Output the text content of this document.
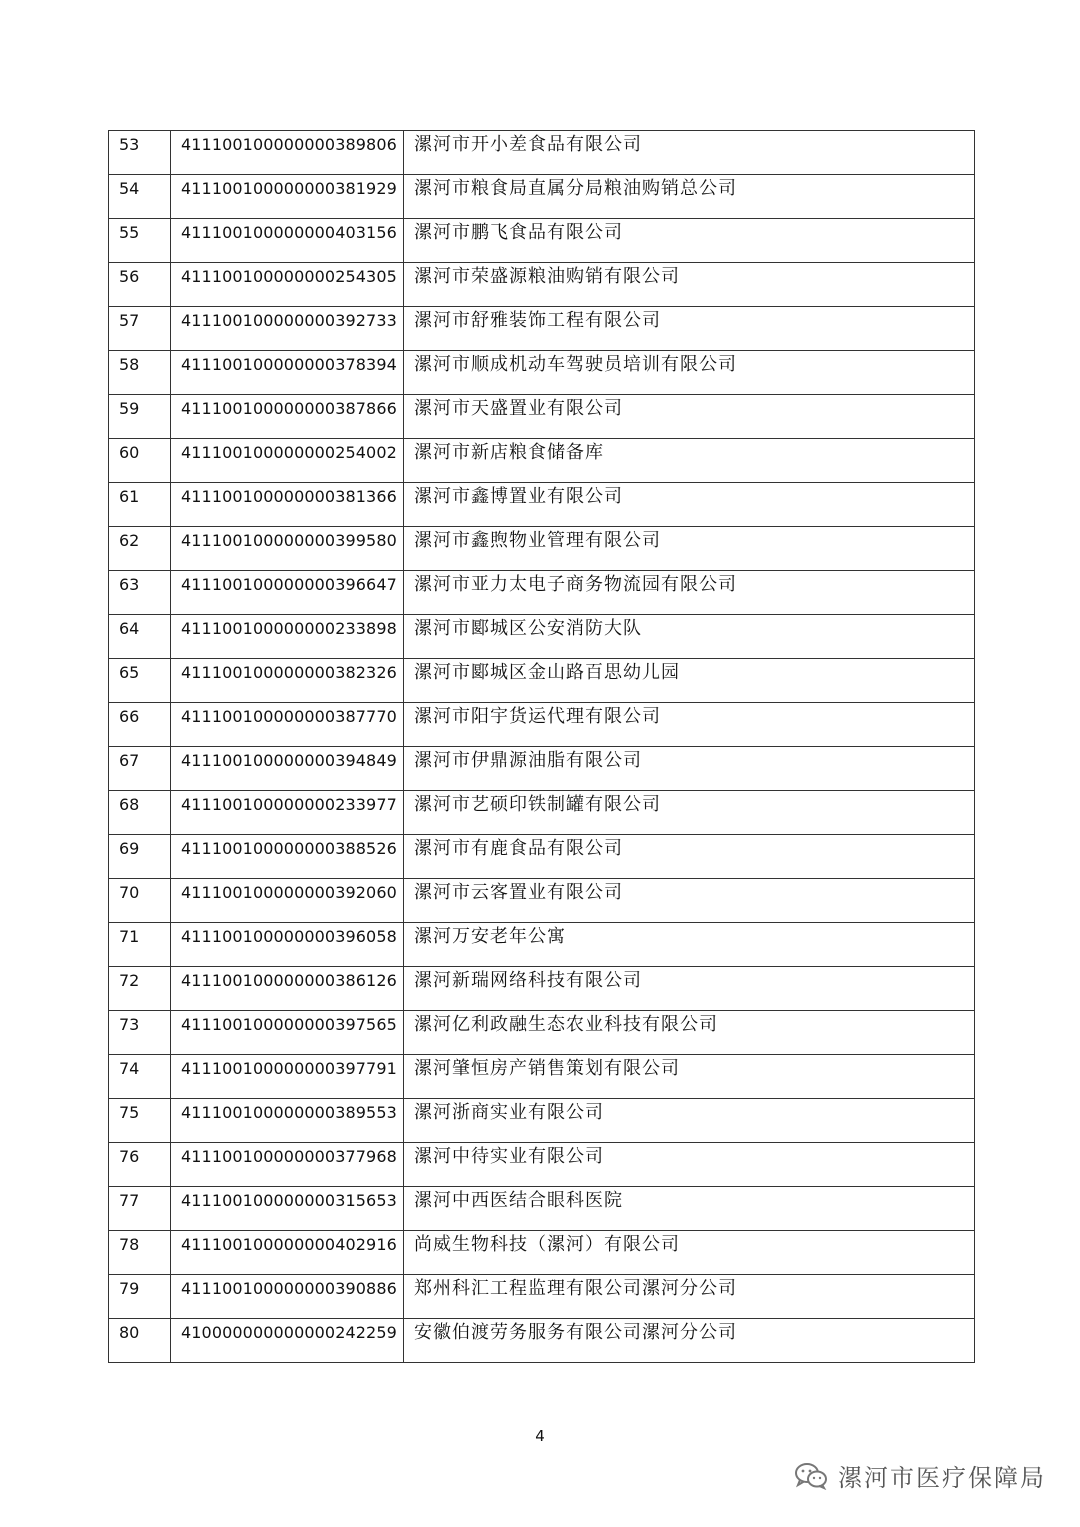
53	411100100000000389806	漯河市开小差食品有限公司

54	411100100000000381929	漯河市粮食局直属分局粮油购销总公司

55	411100100000000403156	漯河市鹏飞食品有限公司

56	411100100000000254305	漯河市荣盛源粮油购销有限公司

57	411100100000000392733	漯河市舒雅装饰工程有限公司

58	411100100000000378394	漯河市顺成机动车驾驶员培训有限公司

59	411100100000000387866	漯河市天盛置业有限公司

60	411100100000000254002	漯河市新店粮食储备库

61	411100100000000381366	漯河市鑫博置业有限公司

62	411100100000000399580	漯河市鑫煦物业管理有限公司

63	411100100000000396647	漯河市亚力太电子商务物流园有限公司

64	411100100000000233898	漯河市郾城区公安消防大队

65	411100100000000382326	漯河市郾城区金山路百思幼儿园

66	411100100000000387770	漯河市阳宇货运代理有限公司

67	411100100000000394849	漯河市伊鼎源油脂有限公司

68	411100100000000233977	漯河市艺硕印铁制罐有限公司

69	411100100000000388526	漯河市有鹿食品有限公司

70	411100100000000392060	漯河市云客置业有限公司

71	411100100000000396058	漯河万安老年公寓

72	411100100000000386126	漯河新瑞网络科技有限公司

73	411100100000000397565	漯河亿利政融生态农业科技有限公司

74	411100100000000397791	漯河肇恒房产销售策划有限公司

75	411100100000000389553	漯河浙商实业有限公司

76	411100100000000377968	漯河中待实业有限公司

77	411100100000000315653	漯河中西医结合眼科医院

78	411100100000000402916	尚威生物科技（漯河）有限公司

79	411100100000000390886	郑州科汇工程监理有限公司漯河分公司

80	410000000000000242259	安徽伯渡劳务服务有限公司漯河分公司
4
漯河市医疗保障局
